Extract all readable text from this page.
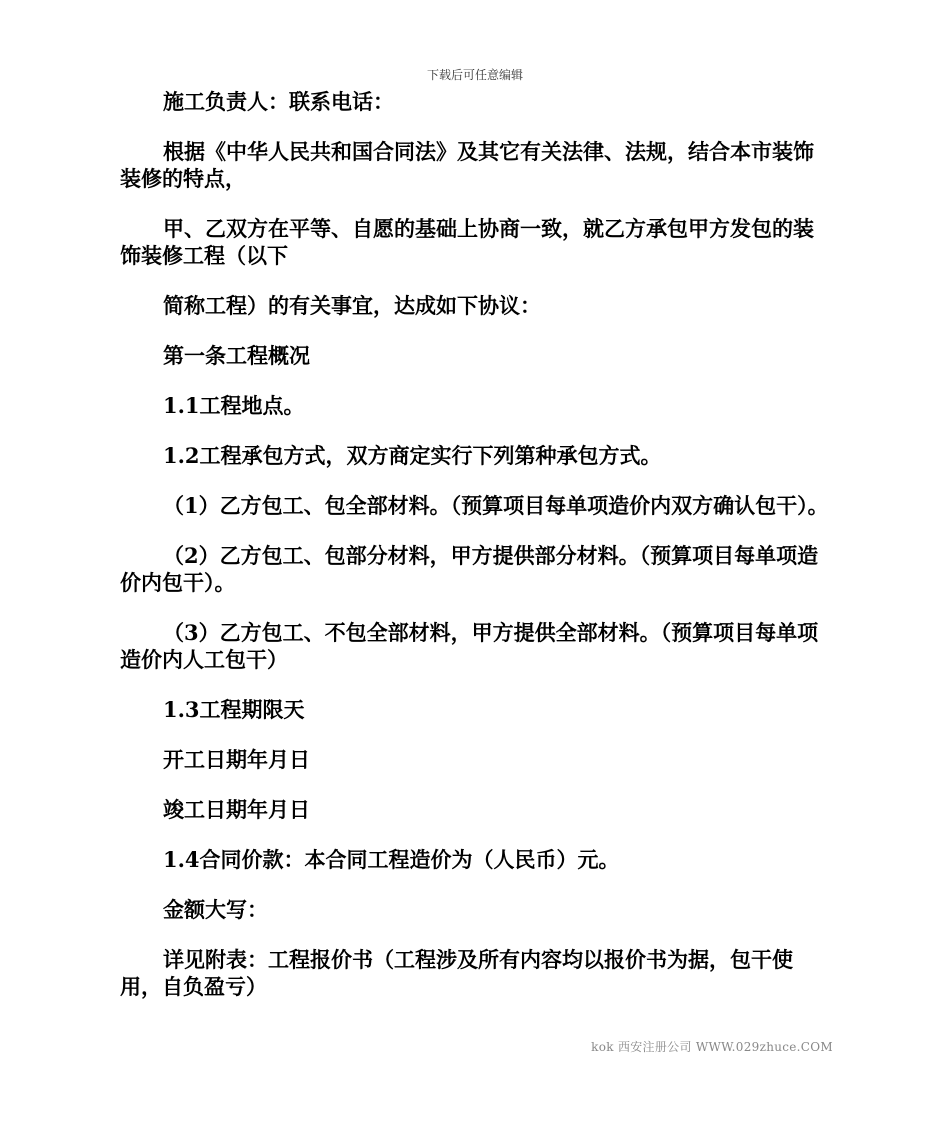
下载后可任意编辑

施工负责人：联系电话：

根据《中华人民共和国合同法》及其它有关法律、法规，结合本市装饰装修的特点，

甲、乙双方在平等、自愿的基础上协商一致，就乙方承包甲方发包的装饰装修工程（以下

简称工程）的有关事宜，达成如下协议：

第一条工程概况

1.1工程地点。

1.2工程承包方式，双方商定实行下列第种承包方式。

（1）乙方包工、包全部材料。（预算项目每单项造价内双方确认包干）。

（2）乙方包工、包部分材料，甲方提供部分材料。（预算项目每单项造价内包干）。

（3）乙方包工、不包全部材料，甲方提供全部材料。（预算项目每单项造价内人工包干）

1.3工程期限天

开工日期年月日

竣工日期年月日

1.4合同价款：本合同工程造价为（人民币）元。

金额大写：

详见附表：工程报价书（工程涉及所有内容均以报价书为据，包干使用，自负盈亏）

kok 西安注册公司 WWW.029zhuce.COM
